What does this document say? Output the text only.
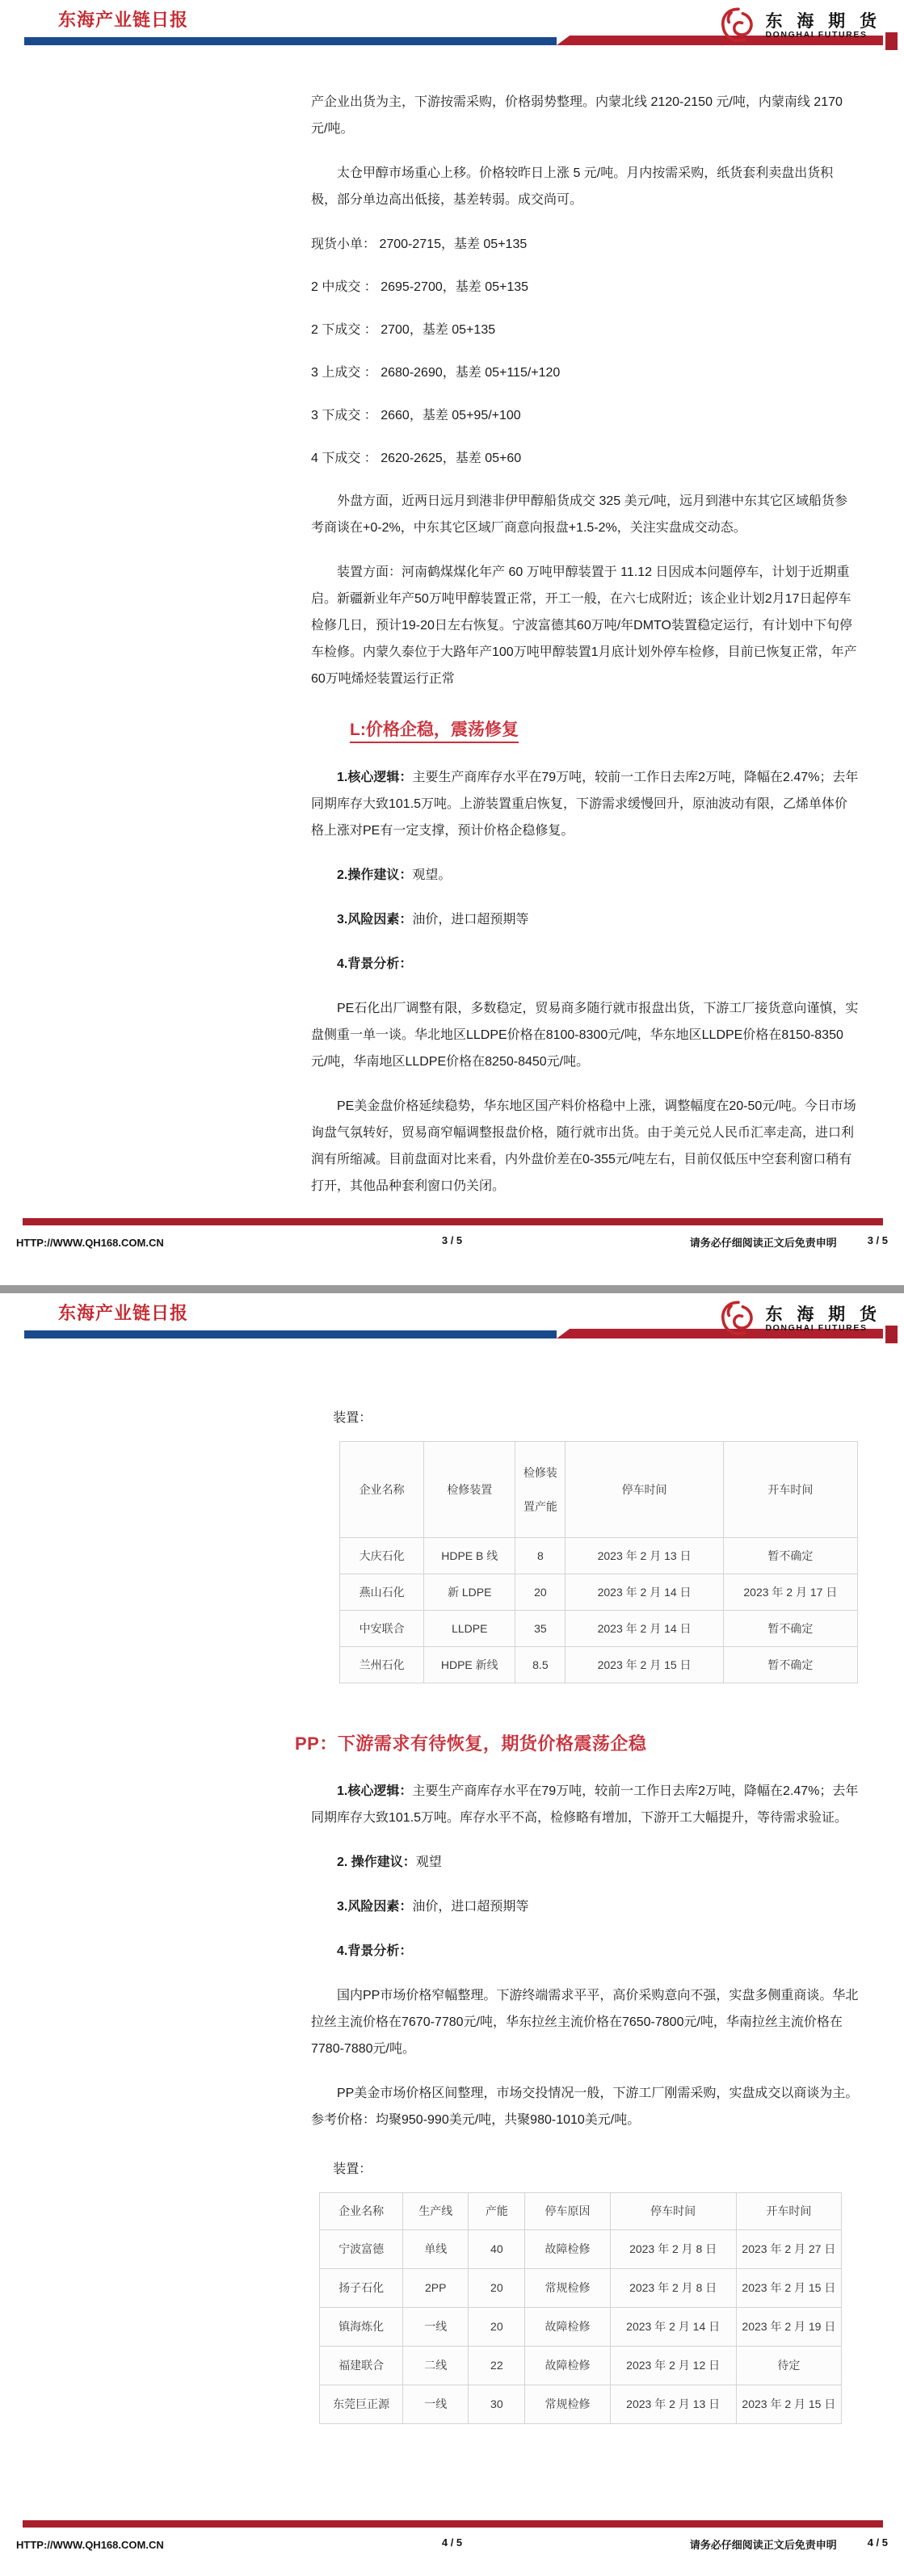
东海产业链日报	东 海 期 货
DONGHAI FUTURES

产企业出货为主，下游按需采购，价格弱势整理。内蒙北线 2120-2150 元/吨，内蒙南线 2170 元/吨。

太仓甲醇市场重心上移。价格较昨日上涨 5 元/吨。月内按需采购，纸货套利卖盘出货积极，部分单边高出低接，基差转弱。成交尚可。

现货小单： 2700-2715，基差 05+135

2 中成交 ： 2695-2700，基差 05+135

2 下成交 ： 2700，基差 05+135

3 上成交 ： 2680-2690，基差 05+115/+120

3 下成交 ： 2660，基差 05+95/+100

4 下成交 ： 2620-2625，基差 05+60

外盘方面，近两日远月到港非伊甲醇船货成交 325 美元/吨，远月到港中东其它区域船货参考商谈在+0-2%，中东其它区域厂商意向报盘+1.5-2%，关注实盘成交动态。

装置方面：河南鹤煤煤化年产 60 万吨甲醇装置于 11.12 日因成本问题停车，计划于近期重启。新疆新业年产50万吨甲醇装置正常，开工一般，在六七成附近；该企业计划2月17日起停车检修几日，预计19-20日左右恢复。宁波富德其60万吨/年DMTO装置稳定运行，有计划中下旬停车检修。内蒙久泰位于大路年产100万吨甲醇装置1月底计划外停车检修，目前已恢复正常，年产60万吨烯烃装置运行正常

L:价格企稳，震荡修复

1.核心逻辑：主要生产商库存水平在79万吨，较前一工作日去库2万吨，降幅在2.47%；去年同期库存大致101.5万吨。上游装置重启恢复，下游需求缓慢回升，原油波动有限，乙烯单体价格上涨对PE有一定支撑，预计价格企稳修复。

2.操作建议：观望。

3.风险因素：油价，进口超预期等

4.背景分析：

PE石化出厂调整有限，多数稳定，贸易商多随行就市报盘出货，下游工厂接货意向谨慎，实盘侧重一单一谈。华北地区LLDPE价格在8100-8300元/吨，华东地区LLDPE价格在8150-8350元/吨，华南地区LLDPE价格在8250-8450元/吨。

PE美金盘价格延续稳势，华东地区国产料价格稳中上涨，调整幅度在20-50元/吨。今日市场询盘气氛转好，贸易商窄幅调整报盘价格，随行就市出货。由于美元兑人民币汇率走高，进口利润有所缩减。目前盘面对比来看，内外盘价差在0-355元/吨左右，目前仅低压中空套利窗口稍有打开，其他品种套利窗口仍关闭。

HTTP://WWW.QH168.COM.CN	3 / 5	请务必仔细阅读正文后免责申明	3 / 5
东海产业链日报	东 海 期 货
DONGHAI FUTURES

装置：

企业名称	检修装置	检修装置产能	停车时间	开车时间
大庆石化	HDPE B 线	8	2023 年 2 月 13 日	暂不确定
燕山石化	新 LDPE	20	2023 年 2 月 14 日	2023 年 2 月 17 日
中安联合	LLDPE	35	2023 年 2 月 14 日	暂不确定
兰州石化	HDPE 新线	8.5	2023 年 2 月 15 日	暂不确定
PP：下游需求有待恢复，期货价格震荡企稳

1.核心逻辑：主要生产商库存水平在79万吨，较前一工作日去库2万吨，降幅在2.47%；去年同期库存大致101.5万吨。库存水平不高，检修略有增加，下游开工大幅提升，等待需求验证。

2. 操作建议：观望

3.风险因素：油价，进口超预期等

4.背景分析：

国内PP市场价格窄幅整理。下游终端需求平平，高价采购意向不强，实盘多侧重商谈。华北拉丝主流价格在7670-7780元/吨，华东拉丝主流价格在7650-7800元/吨，华南拉丝主流价格在7780-7880元/吨。

PP美金市场价格区间整理，市场交投情况一般，下游工厂刚需采购，实盘成交以商谈为主。参考价格：均聚950-990美元/吨，共聚980-1010美元/吨。

装置：

企业名称	生产线	产能	停车原因	停车时间	开车时间
宁波富德	单线	40	故障检修	2023 年 2 月 8 日	2023 年 2 月 27 日
扬子石化	2PP	20	常规检修	2023 年 2 月 8 日	2023 年 2 月 15 日
镇海炼化	一线	20	故障检修	2023 年 2 月 14 日	2023 年 2 月 19 日
福建联合	二线	22	故障检修	2023 年 2 月 12 日	待定
东莞巨正源	一线	30	常规检修	2023 年 2 月 13 日	2023 年 2 月 15 日
HTTP://WWW.QH168.COM.CN	4 / 5	请务必仔细阅读正文后免责申明	4 / 5
